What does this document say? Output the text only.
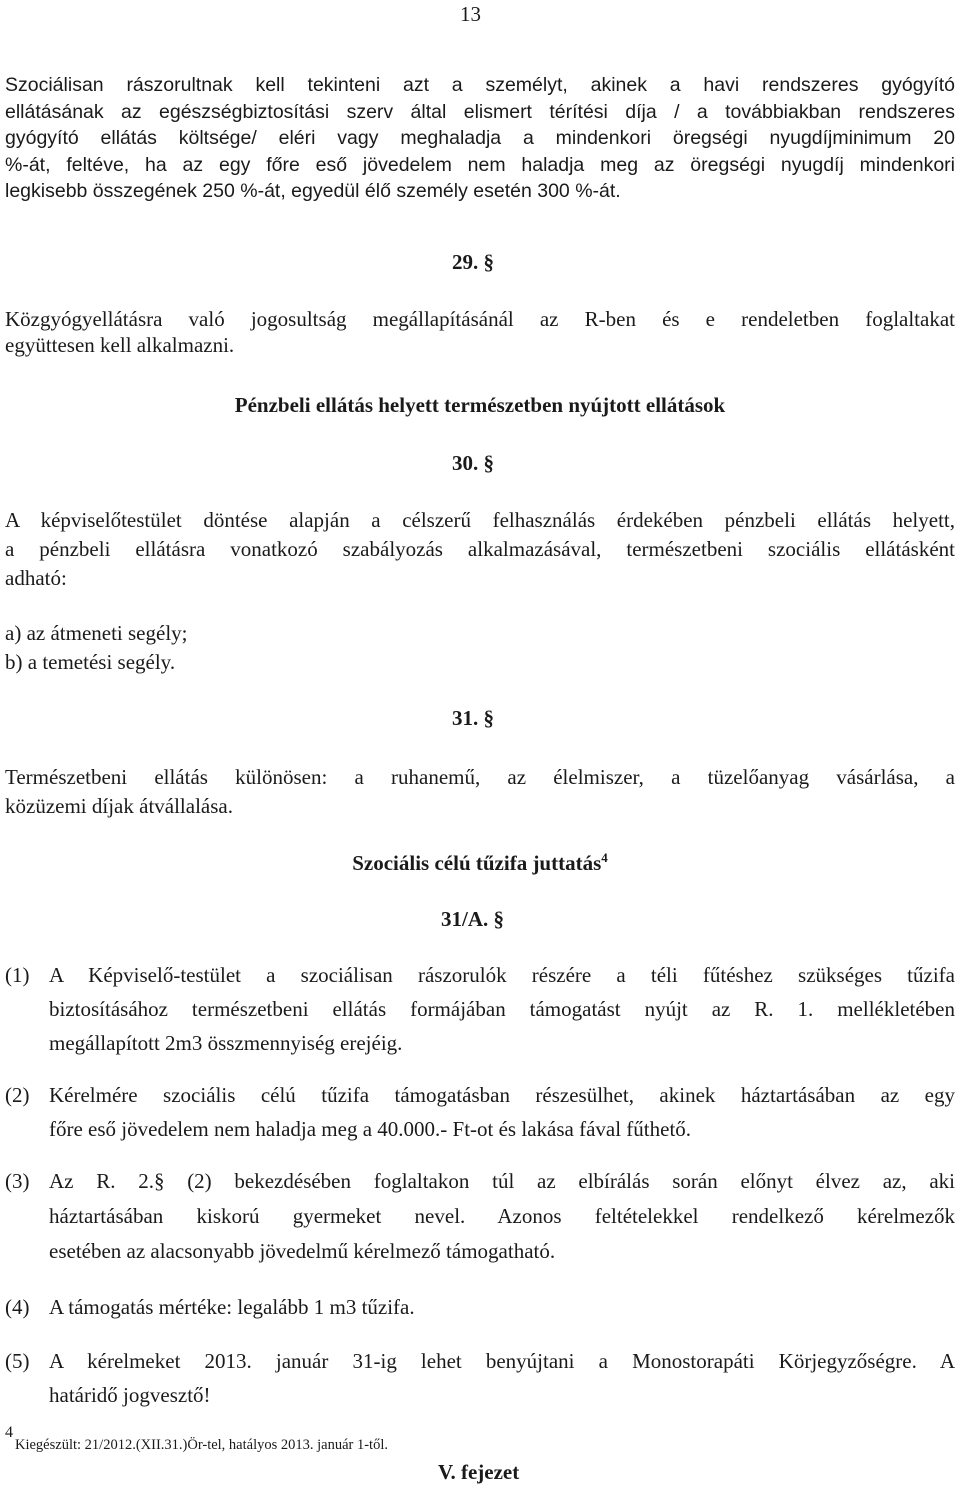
13
Szociálisan rászorultnak kell tekinteni azt a személyt, akinek a havi rendszeres gyógyító
ellátásának az egészségbiztosítási szerv által elismert térítési díja / a továbbiakban rendszeres
gyógyító ellátás költsége/ eléri vagy meghaladja a mindenkori öregségi nyugdíjminimum 20
%-át, feltéve, ha az egy főre eső jövedelem nem haladja meg az öregségi nyugdíj mindenkori
legkisebb összegének 250 %-át, egyedül élő személy esetén 300 %-át.
29. §
Közgyógyellátásra való jogosultság megállapításánál az R-ben és e rendeletben foglaltakat
együttesen kell alkalmazni.
Pénzbeli ellátás helyett természetben nyújtott ellátások
30. §
A képviselőtestület döntése alapján a célszerű felhasználás érdekében pénzbeli ellátás helyett,
a pénzbeli ellátásra vonatkozó szabályozás alkalmazásával, természetbeni szociális ellátásként
adható:
a) az átmeneti segély;
b) a temetési segély.
31. §
Természetbeni ellátás különösen: a ruhanemű, az élelmiszer, a tüzelőanyag vásárlása, a
közüzemi díjak átvállalása.
Szociális célú tűzifa juttatás$^4$
31/A. §
(1) A Képviselő-testület a szociálisan rászorulók részére a téli fűtéshez szükséges tűzifa
biztosításához természetbeni ellátás formájában támogatást nyújt az R. 1. mellékletében
megállapított 2m3 összmennyiség erejéig.
(2) Kérelmére szociális célú tűzifa támogatásban részesülhet, akinek háztartásában az egy
főre eső jövedelem nem haladja meg a 40.000.- Ft-ot és lakása fával fűthető.
(3) Az R. 2.§ (2) bekezdésében foglaltakon túl az elbírálás során előnyt élvez az, aki
háztartásában kiskorú gyermeket nevel. Azonos feltételekkel rendelkező kérelmezők
esetében az alacsonyabb jövedelmű kérelmező támogatható.
(4) A támogatás mértéke: legalább 1 m3 tűzifa.
(5) A kérelmeket 2013. január 31-ig lehet benyújtani a Monostorapáti Körjegyzőségre. A
határidő jogvesztő!
4
Kiegészült: 21/2012.(XII.31.)Ör-tel, hatályos 2013. január 1-től.
V. fejezet
